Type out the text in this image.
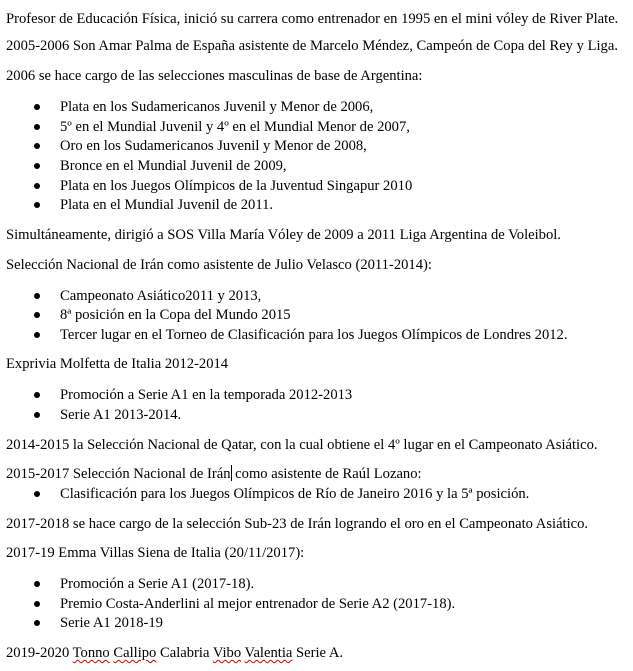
Profesor de Educación Física, inició su carrera como entrenador en 1995 en el mini vóley de River Plate.
2005-2006 Son Amar Palma de España asistente de Marcelo Méndez, Campeón de Copa del Rey y Liga.
2006 se hace cargo de las selecciones masculinas de base de Argentina:
Plata en los Sudamericanos Juvenil y Menor de 2006,
5º en el Mundial Juvenil y 4º en el Mundial Menor de 2007,
Oro en los Sudamericanos Juvenil y Menor de 2008,
Bronce en el Mundial Juvenil de 2009,
Plata en los Juegos Olímpicos de la Juventud Singapur 2010
Plata en el Mundial Juvenil de 2011.
Simultáneamente, dirigió a SOS Villa María Vóley de 2009 a 2011 Liga Argentina de Voleibol.
Selección Nacional de Irán como asistente de Julio Velasco (2011-2014):
Campeonato Asiático2011 y 2013,
8ª posición en la Copa del Mundo 2015
Tercer lugar en el Torneo de Clasificación para los Juegos Olímpicos de Londres 2012.
Exprivia Molfetta de Italia 2012-2014
Promoción a Serie A1 en la temporada 2012-2013
Serie A1 2013-2014.
2014-2015 la Selección Nacional de Qatar, con la cual obtiene el 4º lugar en el Campeonato Asiático.
2015-2017 Selección Nacional de Irán como asistente de Raúl Lozano:
Clasificación para los Juegos Olímpicos de Río de Janeiro 2016 y la 5ª posición.
2017-2018 se hace cargo de la selección Sub-23 de Irán logrando el oro en el Campeonato Asiático.
2017-19 Emma Villas Siena de Italia (20/11/2017):
Promoción a Serie A1 (2017-18).
Premio Costa-Anderlini al mejor entrenador de Serie A2 (2017-18).
Serie A1 2018-19
2019-2020 Tonno Callipo Calabria Vibo Valentia Serie A.
